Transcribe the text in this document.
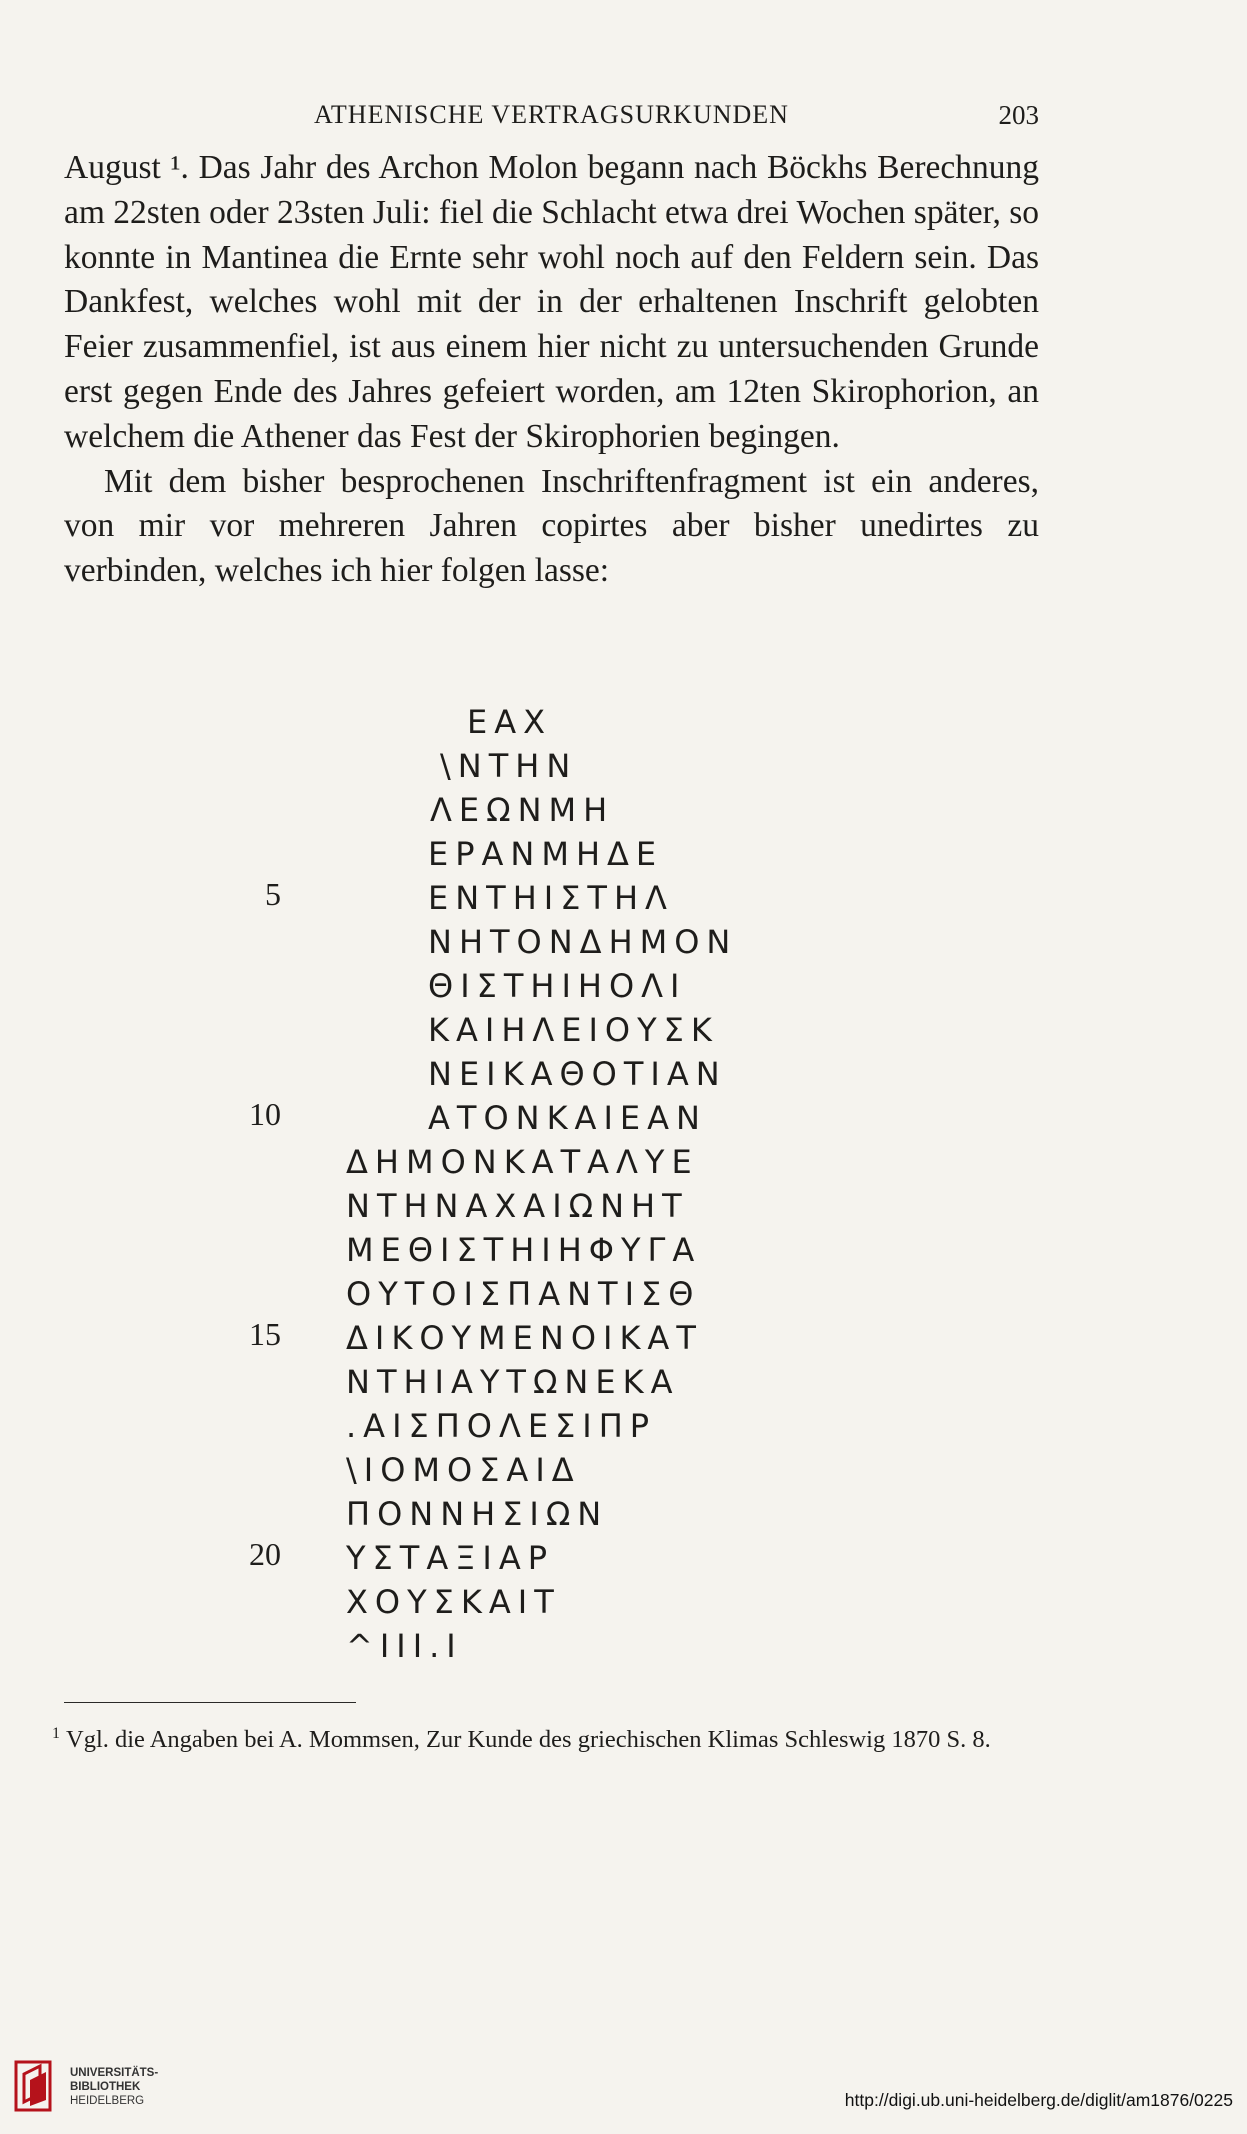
ATHENISCHE VERTRAGSURKUNDEN	203

August ¹. Das Jahr des Archon Molon begann nach Böckhs Berechnung am 22sten oder 23sten Juli: fiel die Schlacht etwa drei Wochen später, so konnte in Mantinea die Ernte sehr wohl noch auf den Feldern sein. Das Dankfest, welches wohl mit der in der erhaltenen Inschrift gelobten Feier zusammenfiel, ist aus einem hier nicht zu untersuchenden Grunde erst gegen Ende des Jahres gefeiert worden, am 12ten Skirophorion, an welchem die Athener das Fest der Skirophorien begingen.

Mit dem bisher besprochenen Inschriftenfragment ist ein anderes, von mir vor mehreren Jahren copirtes aber bisher unedirtes zu verbinden, welches ich hier folgen lasse:

ΕΑΧ
\ΝΤΗΝ
ΛΕΩΝΜΗ
ΕΡΑΝΜΗΔΕ
5	ΕΝΤΗΙΣΤΗΛ
ΝΗΤΟΝΔΗΜΟΝ
ΘΙΣΤΗΙΗΟΛΙ
ΚΑΙΗΛΕΙΟΥΣΚ
ΝΕΙΚΑΘΟΤΙΑΝ
10	ΑΤΟΝΚΑΙΕΑΝ
ΔΗΜΟΝΚΑΤΑΛΥΕ
ΝΤΗΝΑΧΑΙΩΝΗΤ
ΜΕΘΙΣΤΗΙΗΦΥΓΑ
ΟΥΤΟΙΣΠΑΝΤΙΣΘ
15 ΔΙΚΟΥΜΕΝΟΙΚΑΤ
ΝΤΗΙΑΥΤΩΝΕΚΑ
.ΑΙΣΠΟΛΕΣΙΠΡ
\ΙΟΜΟΣΑΙΔ
ΠΟΝΝΗΣΙΩΝ
20 ΥΣΤΑΞΙΑΡ
ΧΟΥΣΚΑΙΤ
^ΙΙΙ.Ι
$^1$ Vgl. die Angaben bei A. Mommsen, Zur Kunde des griechischen Klimas Schleswig 1870 S. 8.
UNIVERSITÄTS-
BIBLIOTHEK
HEIDELBERG	http://digi.ub.uni-heidelberg.de/diglit/am1876/0225
